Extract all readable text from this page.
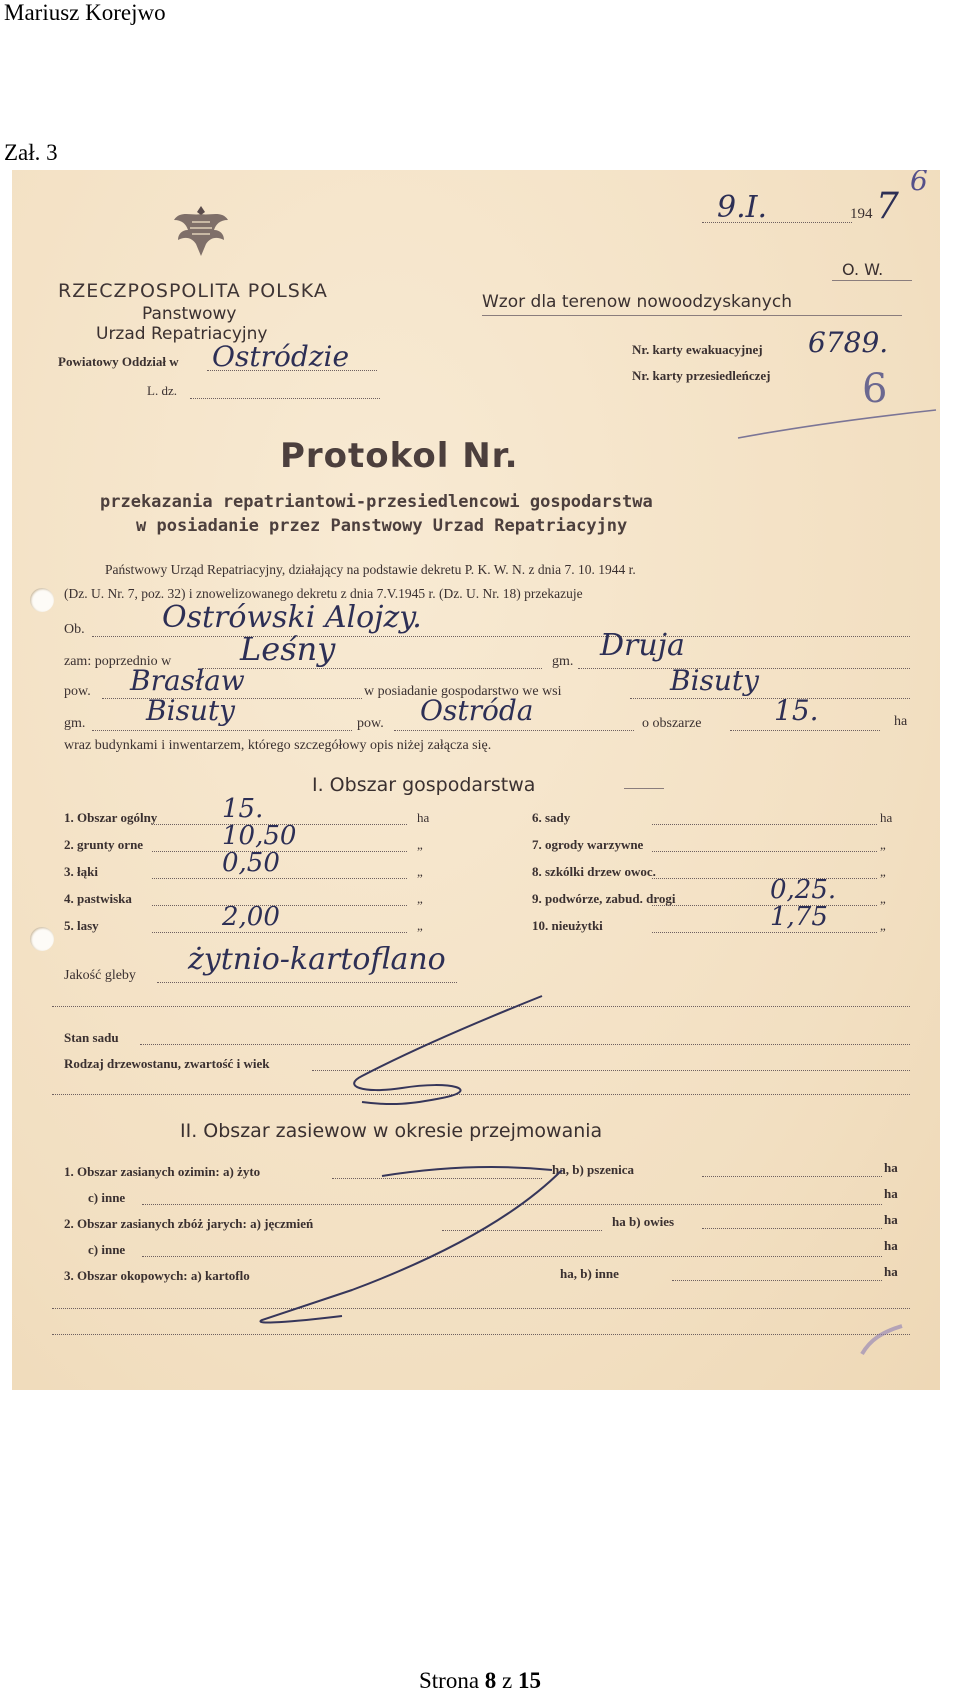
Mariusz Korejwo
Zał. 3
9.I.	194 7
6
RZECZPOSPOLITA POLSKA
Panstwowy
Urzad Repatriacyjny
Powiatowy Oddział w Ostródzie
L. dz.
O. W.
Wzor dla terenow nowoodzyskanych
Nr. karty ewakuacyjnej 6789.
Nr. karty przesiedleńczej 6
Protokol Nr.
przekazania repatriantowi-przesiedlencowi gospodarstwa
w posiadanie przez Panstwowy Urzad Repatriacyjny
Państwowy Urząd Repatriacyjny, działający na podstawie dekretu P. K. W. N. z dnia 7. 10. 1944 r.
(Dz. U. Nr. 7, poz. 32) i znowelizowanego dekretu z dnia 7.V.1945 r. (Dz. U. Nr. 18) przekazuje
Ob.	Ostrówski Alojzy.
zam: poprzednio w Leśny	gm. Druja
pow. Brasław	w posiadanie gospodarstwo we wsi	Bisuty
gm. Bisuty	pow. Ostróda	o obszarze	15.	ha
wraz budynkami i inwentarzem, którego szczegółowy opis niżej załącza się.
I. Obszar gospodarstwa
1. Obszar ogólny 15.	ha
2. grunty orne	10,50	„
3. łąki	0,50	„
4. pastwiska	„
5. lasy	2,00	„
6. sady	ha
7. ogrody warzywne	„
8. szkólki drzew owoc.	„
9. podwórze, zabud. drogi	0,25.	„
10. nieużytki	1,75	„
Jakość gleby żytnio-kartoflano
Stan sadu
Rodzaj drzewostanu, zwartość i wiek
II. Obszar zasiewow w okresie przejmowania
1. Obszar zasianych ozimin: a) żyto	ha, b) pszenica	ha
c) inne	ha
2. Obszar zasianych zbóż jarych: a) jęczmień	ha b) owies	ha
c) inne	ha
3. Obszar okopowych: a) kartoflo	ha, b) inne	ha
Strona 8 z 15
